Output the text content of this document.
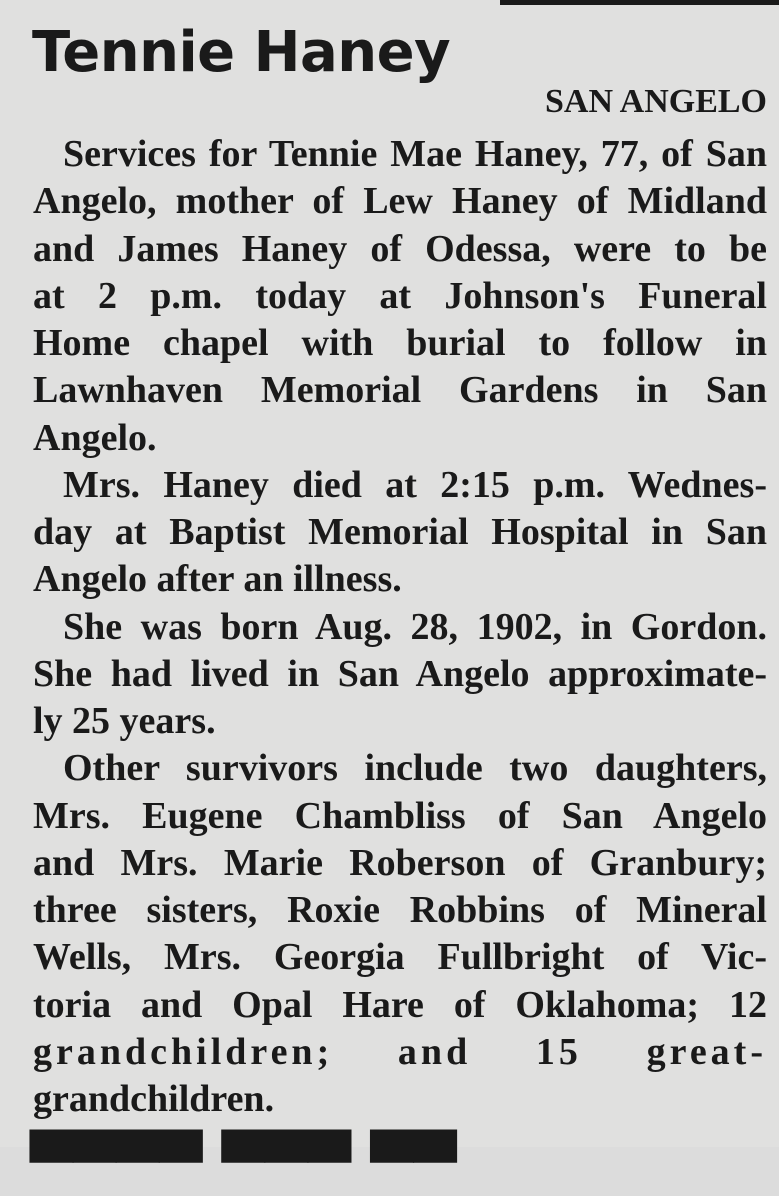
Tennie Haney
SAN ANGELO
Services for Tennie Mae Haney, 77, of San
Angelo, mother of Lew Haney of Midland
and James Haney of Odessa, were to be
at 2 p.m. today at Johnson's Funeral
Home chapel with burial to follow in
Lawnhaven Memorial Gardens in San
Angelo.
Mrs. Haney died at 2:15 p.m. Wednes-
day at Baptist Memorial Hospital in San
Angelo after an illness.
She was born Aug. 28, 1902, in Gordon.
She had lived in San Angelo approximate-
ly 25 years.
Other survivors include two daughters,
Mrs. Eugene Chambliss of San Angelo
and Mrs. Marie Roberson of Granbury;
three sisters, Roxie Robbins of Mineral
Wells, Mrs. Georgia Fullbright of Vic-
toria and Opal Hare of Oklahoma; 12
grandchildren; and 15 great-
grandchildren.
▀▀▀▀ ▀▀▀ ▀▀
